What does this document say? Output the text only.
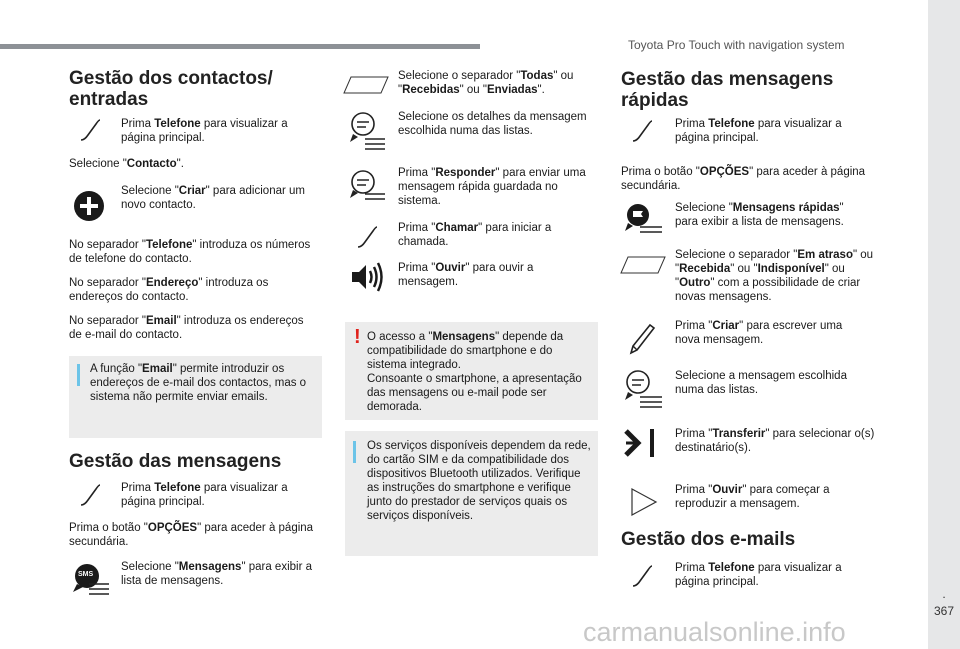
Toyota Pro Touch with navigation system
.
367
Gestão dos contactos/ entradas
Prima Telefone para visualizar a página principal.
Selecione "Contacto".
Selecione "Criar" para adicionar um novo contacto.
No separador "Telefone" introduza os números de telefone do contacto.
No separador "Endereço" introduza os endereços do contacto.
No separador "Email" introduza os endereços de e-mail do contacto.
A função "Email" permite introduzir os endereços de e-mail dos contactos, mas o sistema não permite enviar emails.
Gestão das mensagens
Prima Telefone para visualizar a página principal.
Prima o botão "OPÇÕES" para aceder à página secundária.
SMS
Selecione "Mensagens" para exibir a lista de mensagens.
Selecione o separador "Todas" ou "Recebidas" ou "Enviadas".
Selecione os detalhes da mensagem escolhida numa das listas.
Prima "Responder" para enviar uma mensagem rápida guardada no sistema.
Prima "Chamar" para iniciar a chamada.
Prima "Ouvir" para ouvir a mensagem.
! O acesso a "Mensagens" depende da compatibilidade do smartphone e do sistema integrado.
Consoante o smartphone, a apresentação das mensagens ou e-mail pode ser demorada.
Os serviços disponíveis dependem da rede, do cartão SIM e da compatibilidade dos dispositivos Bluetooth utilizados. Verifique as instruções do smartphone e verifique junto do prestador de serviços quais os serviços disponíveis.
Gestão das mensagens rápidas
Prima Telefone para visualizar a página principal.
Prima o botão "OPÇÕES" para aceder à página secundária.
Selecione "Mensagens rápidas" para exibir a lista de mensagens.
Selecione o separador "Em atraso" ou "Recebida" ou "Indisponível" ou "Outro" com a possibilidade de criar novas mensagens.
Prima "Criar" para escrever uma nova mensagem.
Selecione a mensagem escolhida numa das listas.
Prima "Transferir" para selecionar o(s) destinatário(s).
Prima "Ouvir" para começar a reproduzir a mensagem.
Gestão dos e-mails
Prima Telefone para visualizar a página principal.
carmanualsonline.info
